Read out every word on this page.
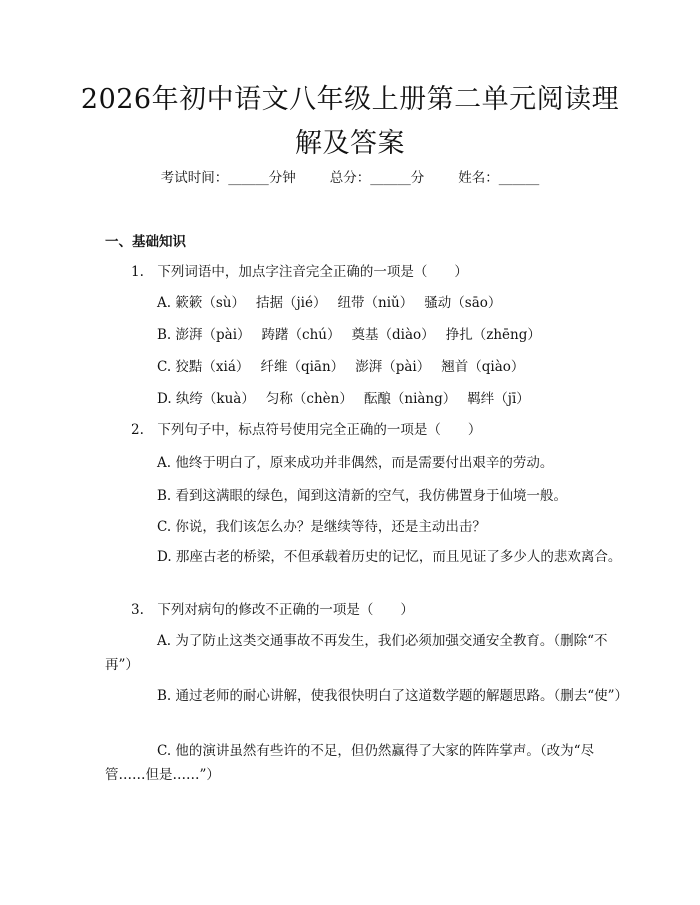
2026年初中语文八年级上册第二单元阅读理
解及答案
考试时间：______分钟	总分：______分	姓名：______
一、基础知识
1.　下列词语中，加点字注音完全正确的一项是（　　）
A. 簌簌（sù）　 拮据（jié）　 纽带（niǔ）　 骚动（sāo）
B. 澎湃（pài）　 踌躇（chú）　 奠基（diào）　 挣扎（zhēng）
C. 狡黠（xiá）　 纤维（qiān）　 澎湃（pài）　 翘首（qiào）
D. 纨绔（kuà）　 匀称（chèn）　 酝酿（niàng）　 羁绊（jī）
2.　下列句子中，标点符号使用完全正确的一项是（　　）
A. 他终于明白了，原来成功并非偶然，而是需要付出艰辛的劳动。
B. 看到这满眼的绿色，闻到这清新的空气，我仿佛置身于仙境一般。
C. 你说，我们该怎么办？是继续等待，还是主动出击？
D. 那座古老的桥梁，不但承载着历史的记忆，而且见证了多少人的悲欢离合。
3.　下列对病句的修改不正确的一项是（　　）
A. 为了防止这类交通事故不再发生，我们必须加强交通安全教育。（删除“不再”）
B. 通过老师的耐心讲解，使我很快明白了这道数学题的解题思路。（删去“使”）
C. 他的演讲虽然有些许的不足，但仍然赢得了大家的阵阵掌声。（改为“尽管……但是……”）
